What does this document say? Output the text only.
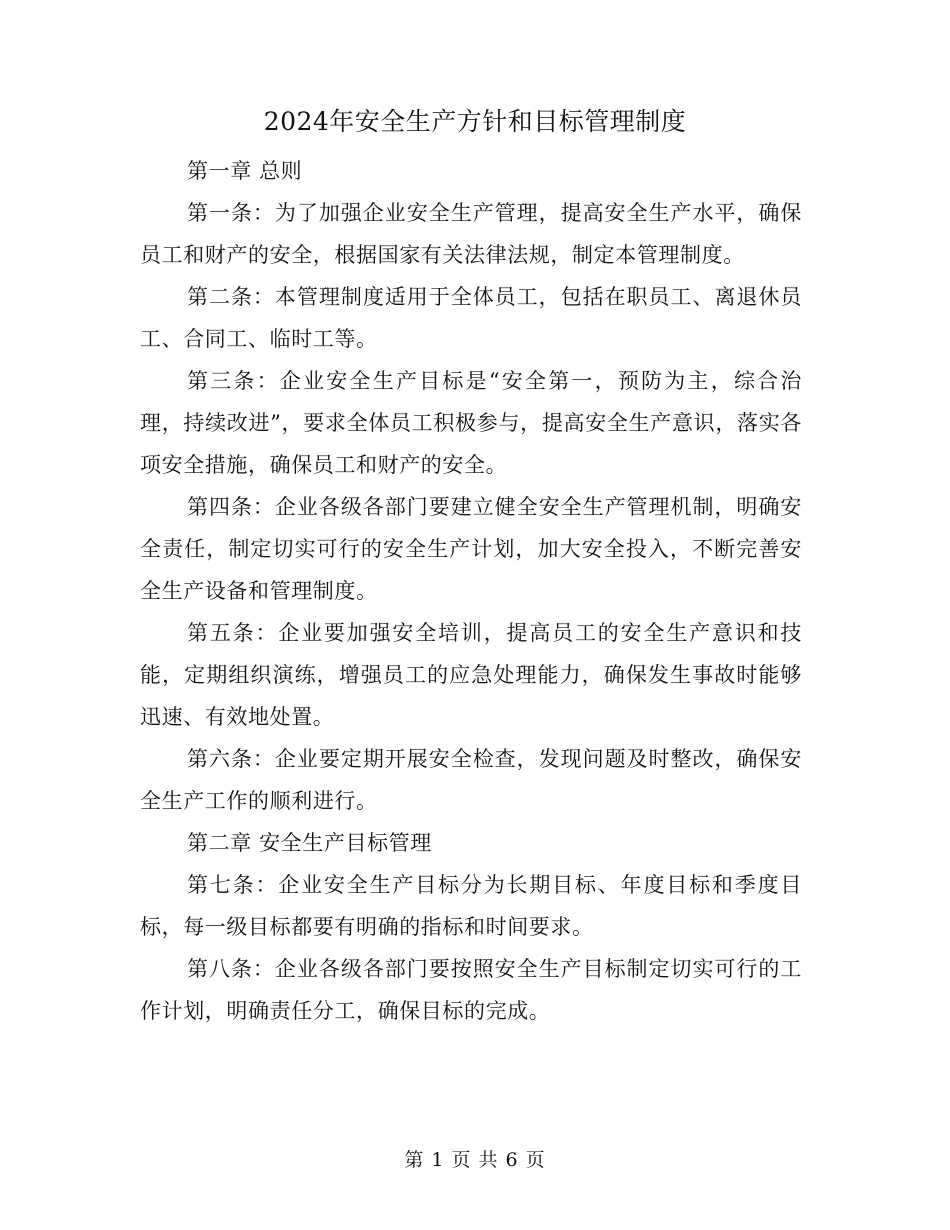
2024年安全生产方针和目标管理制度

第一章 总则

第一条：为了加强企业安全生产管理，提高安全生产水平，确保员工和财产的安全，根据国家有关法律法规，制定本管理制度。

第二条：本管理制度适用于全体员工，包括在职员工、离退休员工、合同工、临时工等。

第三条：企业安全生产目标是“安全第一，预防为主，综合治理，持续改进”，要求全体员工积极参与，提高安全生产意识，落实各项安全措施，确保员工和财产的安全。

第四条：企业各级各部门要建立健全安全生产管理机制，明确安全责任，制定切实可行的安全生产计划，加大安全投入，不断完善安全生产设备和管理制度。

第五条：企业要加强安全培训，提高员工的安全生产意识和技能，定期组织演练，增强员工的应急处理能力，确保发生事故时能够迅速、有效地处置。

第六条：企业要定期开展安全检查，发现问题及时整改，确保安全生产工作的顺利进行。

第二章 安全生产目标管理

第七条：企业安全生产目标分为长期目标、年度目标和季度目标，每一级目标都要有明确的指标和时间要求。

第八条：企业各级各部门要按照安全生产目标制定切实可行的工作计划，明确责任分工，确保目标的完成。

第 1 页 共 6 页
